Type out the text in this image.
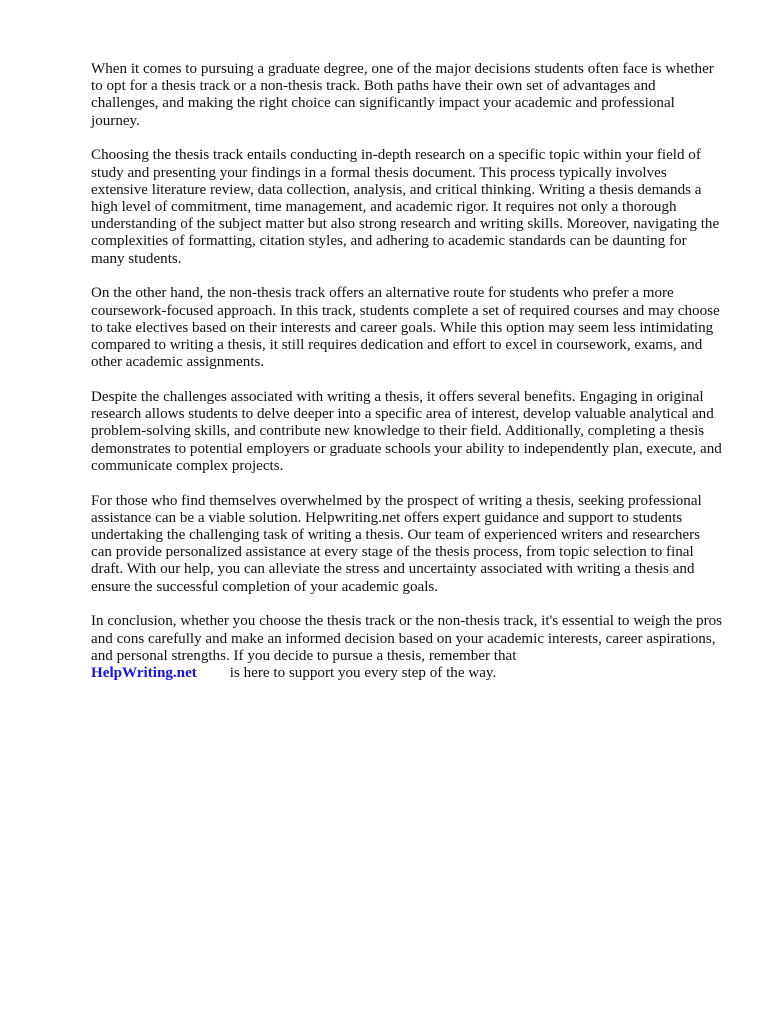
When it comes to pursuing a graduate degree, one of the major decisions students often face is whether to opt for a thesis track or a non-thesis track. Both paths have their own set of advantages and challenges, and making the right choice can significantly impact your academic and professional journey.

Choosing the thesis track entails conducting in-depth research on a specific topic within your field of study and presenting your findings in a formal thesis document. This process typically involves extensive literature review, data collection, analysis, and critical thinking. Writing a thesis demands a high level of commitment, time management, and academic rigor. It requires not only a thorough understanding of the subject matter but also strong research and writing skills. Moreover, navigating the complexities of formatting, citation styles, and adhering to academic standards can be daunting for many students.

On the other hand, the non-thesis track offers an alternative route for students who prefer a more coursework-focused approach. In this track, students complete a set of required courses and may choose to take electives based on their interests and career goals. While this option may seem less intimidating compared to writing a thesis, it still requires dedication and effort to excel in coursework, exams, and other academic assignments.

Despite the challenges associated with writing a thesis, it offers several benefits. Engaging in original research allows students to delve deeper into a specific area of interest, develop valuable analytical and problem-solving skills, and contribute new knowledge to their field. Additionally, completing a thesis demonstrates to potential employers or graduate schools your ability to independently plan, execute, and communicate complex projects.

For those who find themselves overwhelmed by the prospect of writing a thesis, seeking professional assistance can be a viable solution. Helpwriting.net offers expert guidance and support to students undertaking the challenging task of writing a thesis. Our team of experienced writers and researchers can provide personalized assistance at every stage of the thesis process, from topic selection to final draft. With our help, you can alleviate the stress and uncertainty associated with writing a thesis and ensure the successful completion of your academic goals.

In conclusion, whether you choose the thesis track or the non-thesis track, it's essential to weigh the pros and cons carefully and make an informed decision based on your academic interests, career aspirations, and personal strengths. If you decide to pursue a thesis, remember that
HelpWriting.net is here to support you every step of the way.
